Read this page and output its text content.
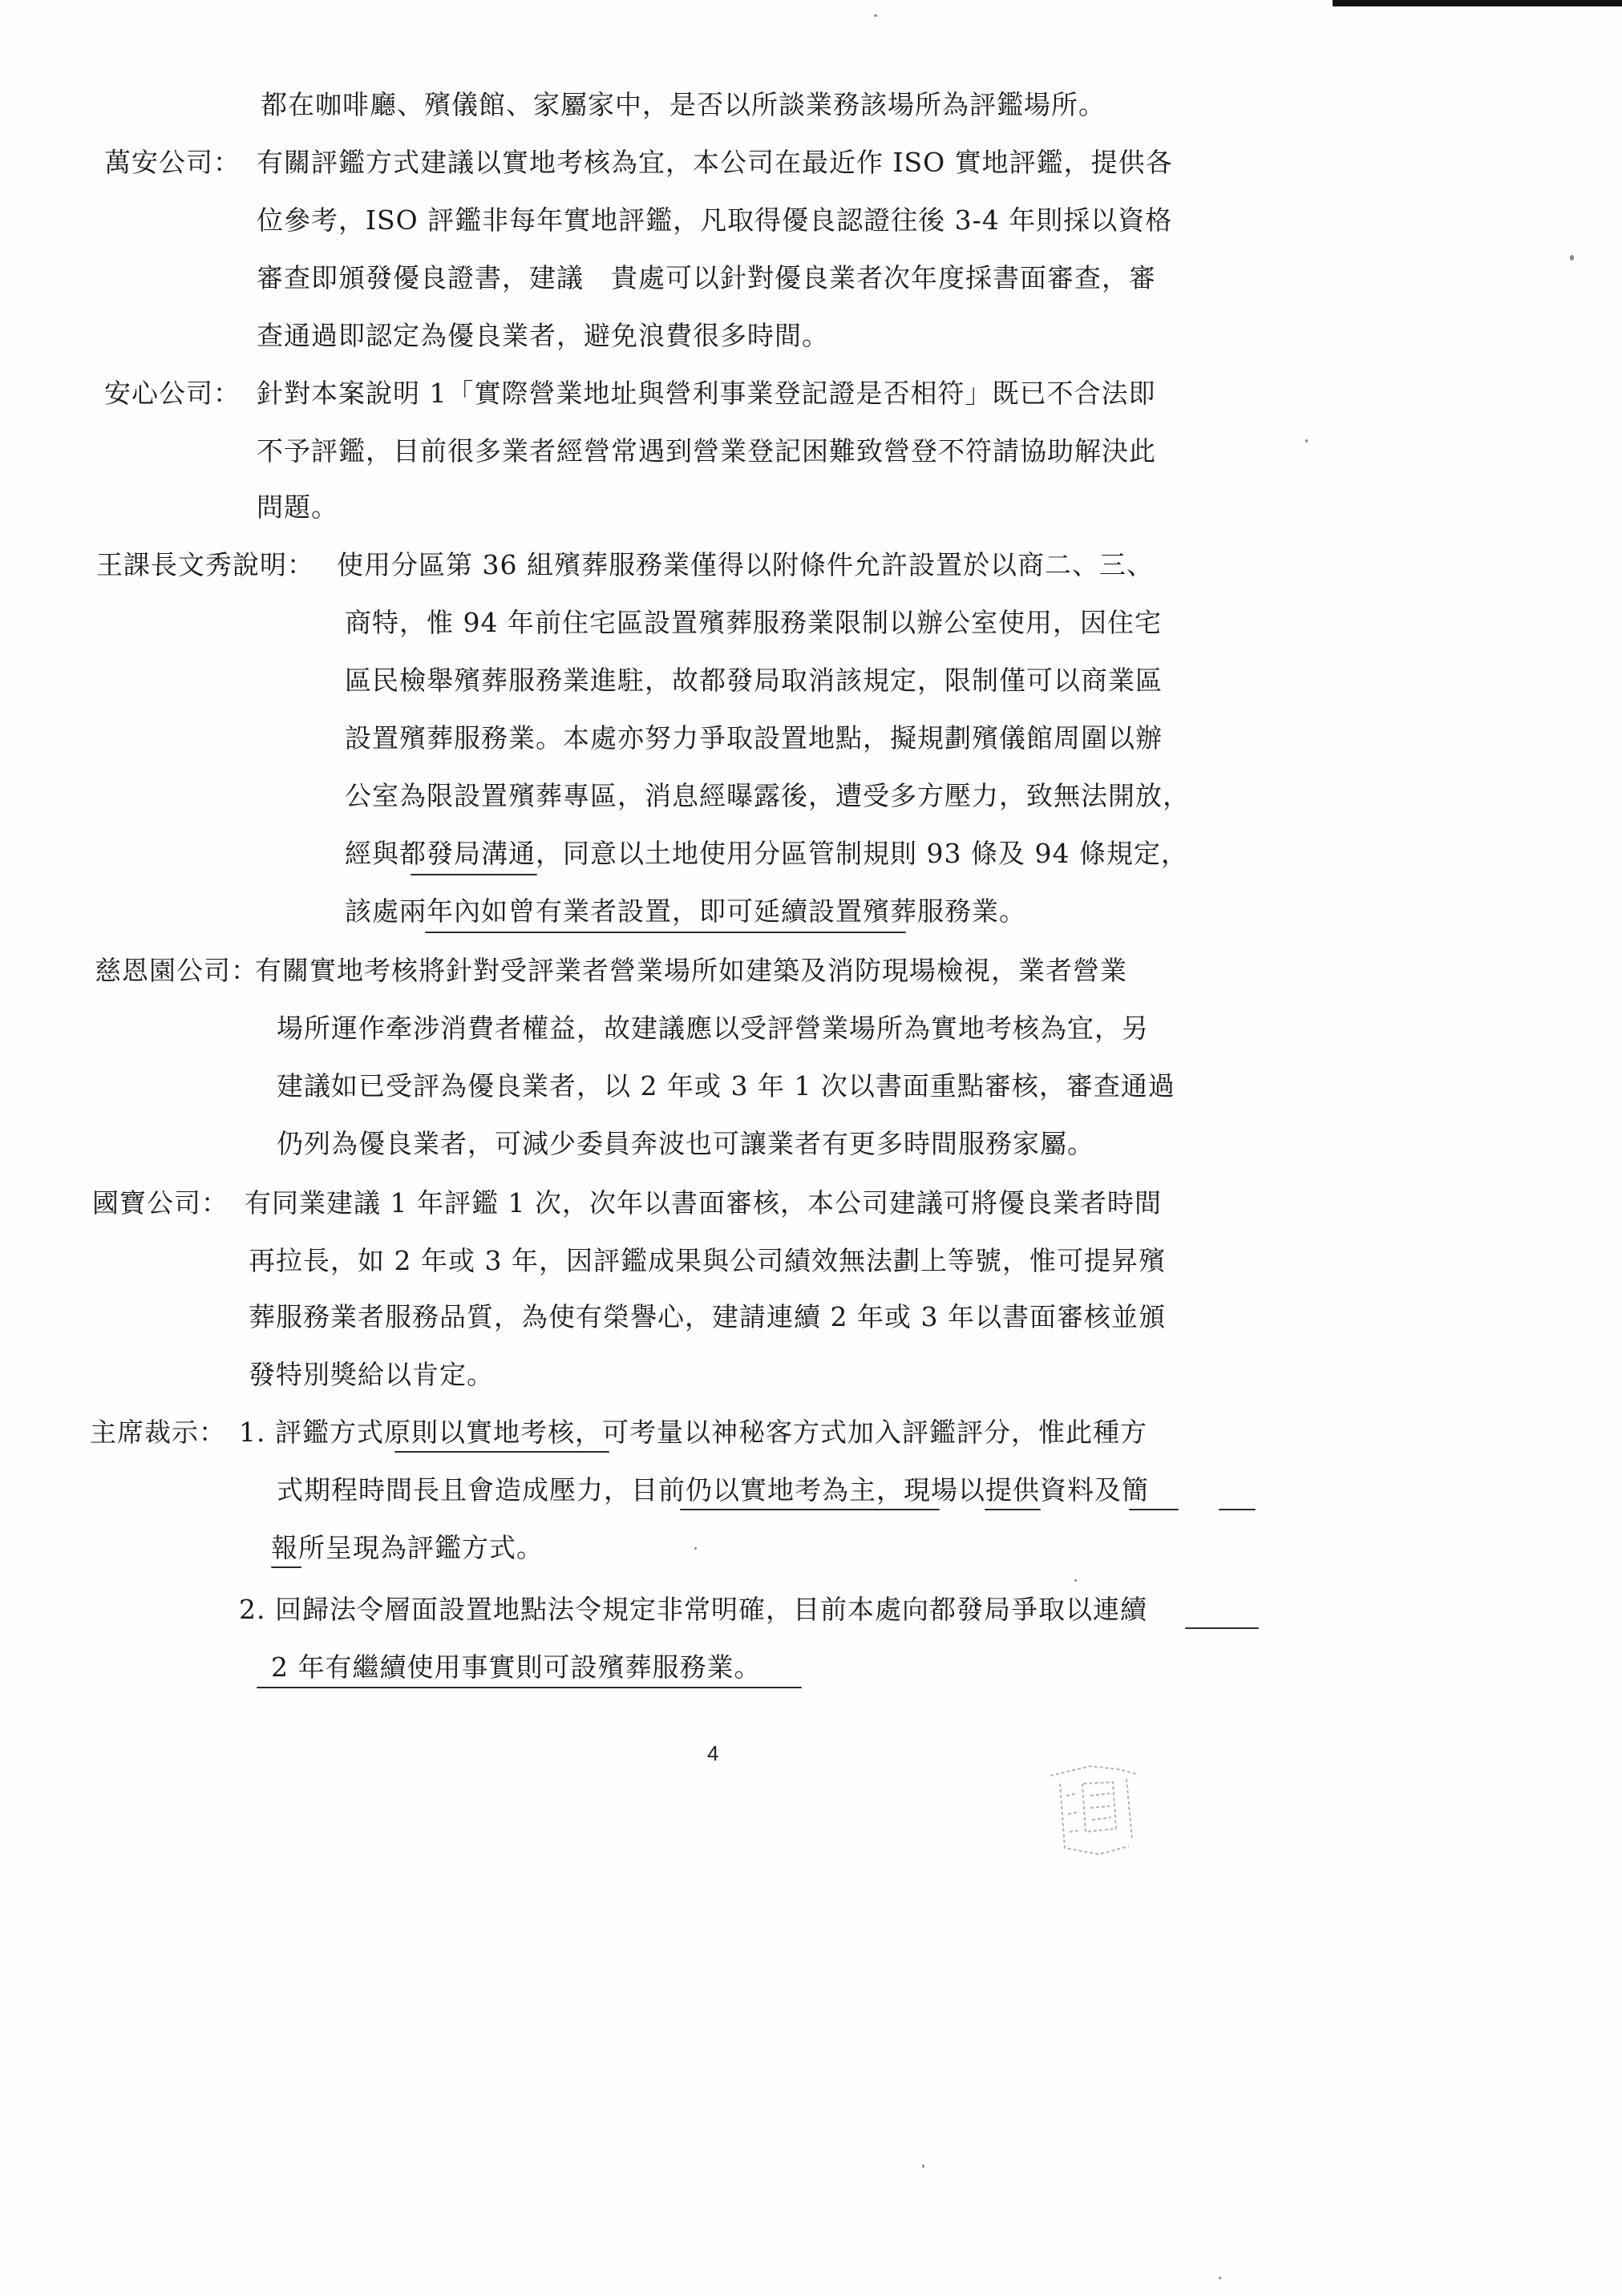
都在咖啡廳、殯儀館、家屬家中，是否以所談業務該場所為評鑑場所。
萬安公司： 有關評鑑方式建議以實地考核為宜，本公司在最近作 ISO 實地評鑑，提供各
位參考，ISO 評鑑非每年實地評鑑，凡取得優良認證往後 3-4 年則採以資格
審查即頒發優良證書，建議　貴處可以針對優良業者次年度採書面審查，審
查通過即認定為優良業者，避免浪費很多時間。
安心公司： 針對本案說明 1「實際營業地址與營利事業登記證是否相符」既已不合法即
不予評鑑，目前很多業者經營常遇到營業登記困難致營登不符請協助解決此
問題。
王課長文秀說明： 使用分區第 36 組殯葬服務業僅得以附條件允許設置於以商二、三、
商特，惟 94 年前住宅區設置殯葬服務業限制以辦公室使用，因住宅
區民檢舉殯葬服務業進駐，故都發局取消該規定，限制僅可以商業區
設置殯葬服務業。本處亦努力爭取設置地點，擬規劃殯儀館周圍以辦
公室為限設置殯葬專區，消息經曝露後，遭受多方壓力，致無法開放，
經與都發局溝通，同意以土地使用分區管制規則 93 條及 94 條規定，
該處兩年內如曾有業者設置，即可延續設置殯葬服務業。
慈恩園公司：
有關實地考核將針對受評業者營業場所如建築及消防現場檢視，業者營業
場所運作牽涉消費者權益，故建議應以受評營業場所為實地考核為宜，另
建議如已受評為優良業者，以 2 年或 3 年 1 次以書面重點審核，審查通過
仍列為優良業者，可減少委員奔波也可讓業者有更多時間服務家屬。
國寶公司： 有同業建議 1 年評鑑 1 次，次年以書面審核，本公司建議可將優良業者時間
再拉長，如 2 年或 3 年，因評鑑成果與公司績效無法劃上等號，惟可提昇殯
葬服務業者服務品質，為使有榮譽心，建請連續 2 年或 3 年以書面審核並頒
發特別獎給以肯定。
主席裁示： 1. 評鑑方式原則以實地考核，可考量以神秘客方式加入評鑑評分，惟此種方
式期程時間長且會造成壓力，目前仍以實地考為主，現場以提供資料及簡
報所呈現為評鑑方式。
2. 回歸法令層面設置地點法令規定非常明確，目前本處向都發局爭取以連續
2 年有繼續使用事實則可設殯葬服務業。
4
